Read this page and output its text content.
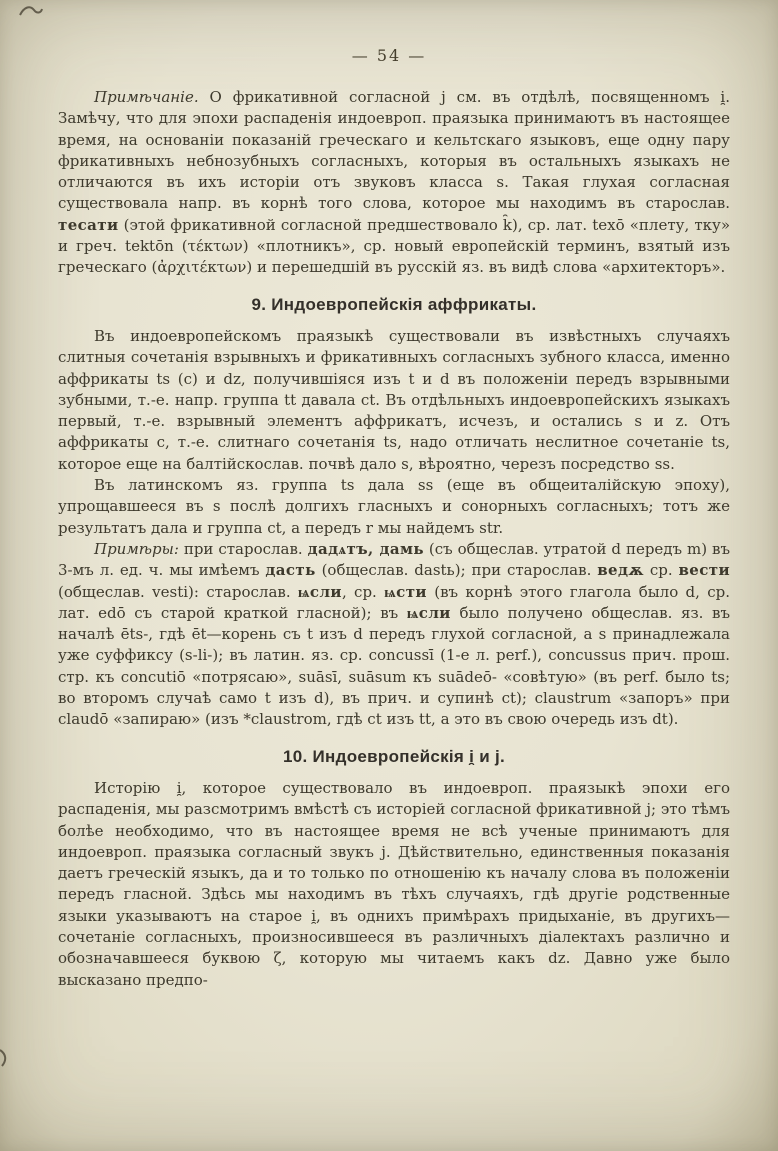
— 54 —

Примѣчаніе. О фрикативной согласной j см. въ отдѣлѣ, посвященномъ i̯. Замѣчу, что для эпохи распаденія индоевроп. праязыка принимаютъ въ настоящее время, на основаніи показаній греческаго и кельтскаго языковъ, еще одну пару фрикативныхъ небнозубныхъ согласныхъ, которыя въ остальныхъ языкахъ не отличаются въ ихъ исторіи отъ звуковъ класса s. Такая глухая согласная существовала напр. въ корнѣ того слова, которое мы находимъ въ старослав. тесати (этой фрикативной согласной предшествовало k̑), ср. лат. texō «плету, тку» и греч. tektōn (τέκτων) «плотникъ», ср. новый европейскій терминъ, взятый изъ греческаго (ἀρχιτέκτων) и перешедшій въ русскій яз. въ видѣ слова «архитекторъ».

9. Индоевропейскія аффрикаты.

Въ индоевропейскомъ праязыкѣ существовали въ извѣстныхъ случаяхъ слитныя сочетанія взрывныхъ и фрикативныхъ согласныхъ зубного класса, именно аффрикаты ts (c) и dz, получившіяся изъ t и d въ положеніи передъ взрывными зубными, т.-е. напр. группа tt давала ct. Въ отдѣльныхъ индоевропейскихъ языкахъ первый, т.-е. взрывный элементъ аффрикатъ, исчезъ, и остались s и z. Отъ аффрикаты c, т.-е. слитнаго сочетанія ts, надо отличать неслитное сочетаніе ts, которое еще на балтійскослав. почвѣ дало s, вѣроятно, черезъ посредство ss.

Въ латинскомъ яз. группа ts дала ss (еще въ общеиталійскую эпоху), упрощавшееся въ s послѣ долгихъ гласныхъ и сонорныхъ согласныхъ; тотъ же результатъ дала и группа ct, а передъ r мы найдемъ str.

Примѣры: при старослав. дадѧтъ, дамь (съ общеслав. утратой d передъ m) въ 3-мъ л. ед. ч. мы имѣемъ дасть (общеслав. dastь); при старослав. ведѫ ср. вести (общеслав. vesti): старослав. ѩсли, ср. ѩсти (въ корнѣ этого глагола было d, ср. лат. edō съ старой краткой гласной); въ ѩсли было получено общеслав. яз. въ началѣ ēts-, гдѣ ēt—корень съ t изъ d передъ глухой согласной, а s принадлежала уже суффиксу (s-li-); въ латин. яз. ср. concussī (1-е л. perf.), concussus прич. прош. стр. къ concutiō «потрясаю», suāsī, suāsum къ suādeō- «совѣтую» (въ perf. было ts; во второмъ случаѣ само t изъ d), въ прич. и супинѣ ct); claustrum «запоръ» при claudō «запираю» (изъ *claustrom, гдѣ ct изъ tt, а это въ свою очередь изъ dt).

10. Индоевропейскія i̯ и j.

Исторію i̯, которое существовало въ индоевроп. праязыкѣ эпохи его распаденія, мы разсмотримъ вмѣстѣ съ исторіей согласной фрикативной j; это тѣмъ болѣе необходимо, что въ настоящее время не всѣ ученые принимаютъ для индоевроп. праязыка согласный звукъ j. Дѣйствительно, единственныя показанія даетъ греческій языкъ, да и то только по отношенію къ началу слова въ положеніи передъ гласной. Здѣсь мы находимъ въ тѣхъ случаяхъ, гдѣ другіе родственные языки указываютъ на старое i̯, въ однихъ примѣрахъ придыханіе, въ другихъ—сочетаніе согласныхъ, произносившееся въ различныхъ діалектахъ различно и обозначавшееся буквою ζ, которую мы читаемъ какъ dz. Давно уже было высказано предпо-
